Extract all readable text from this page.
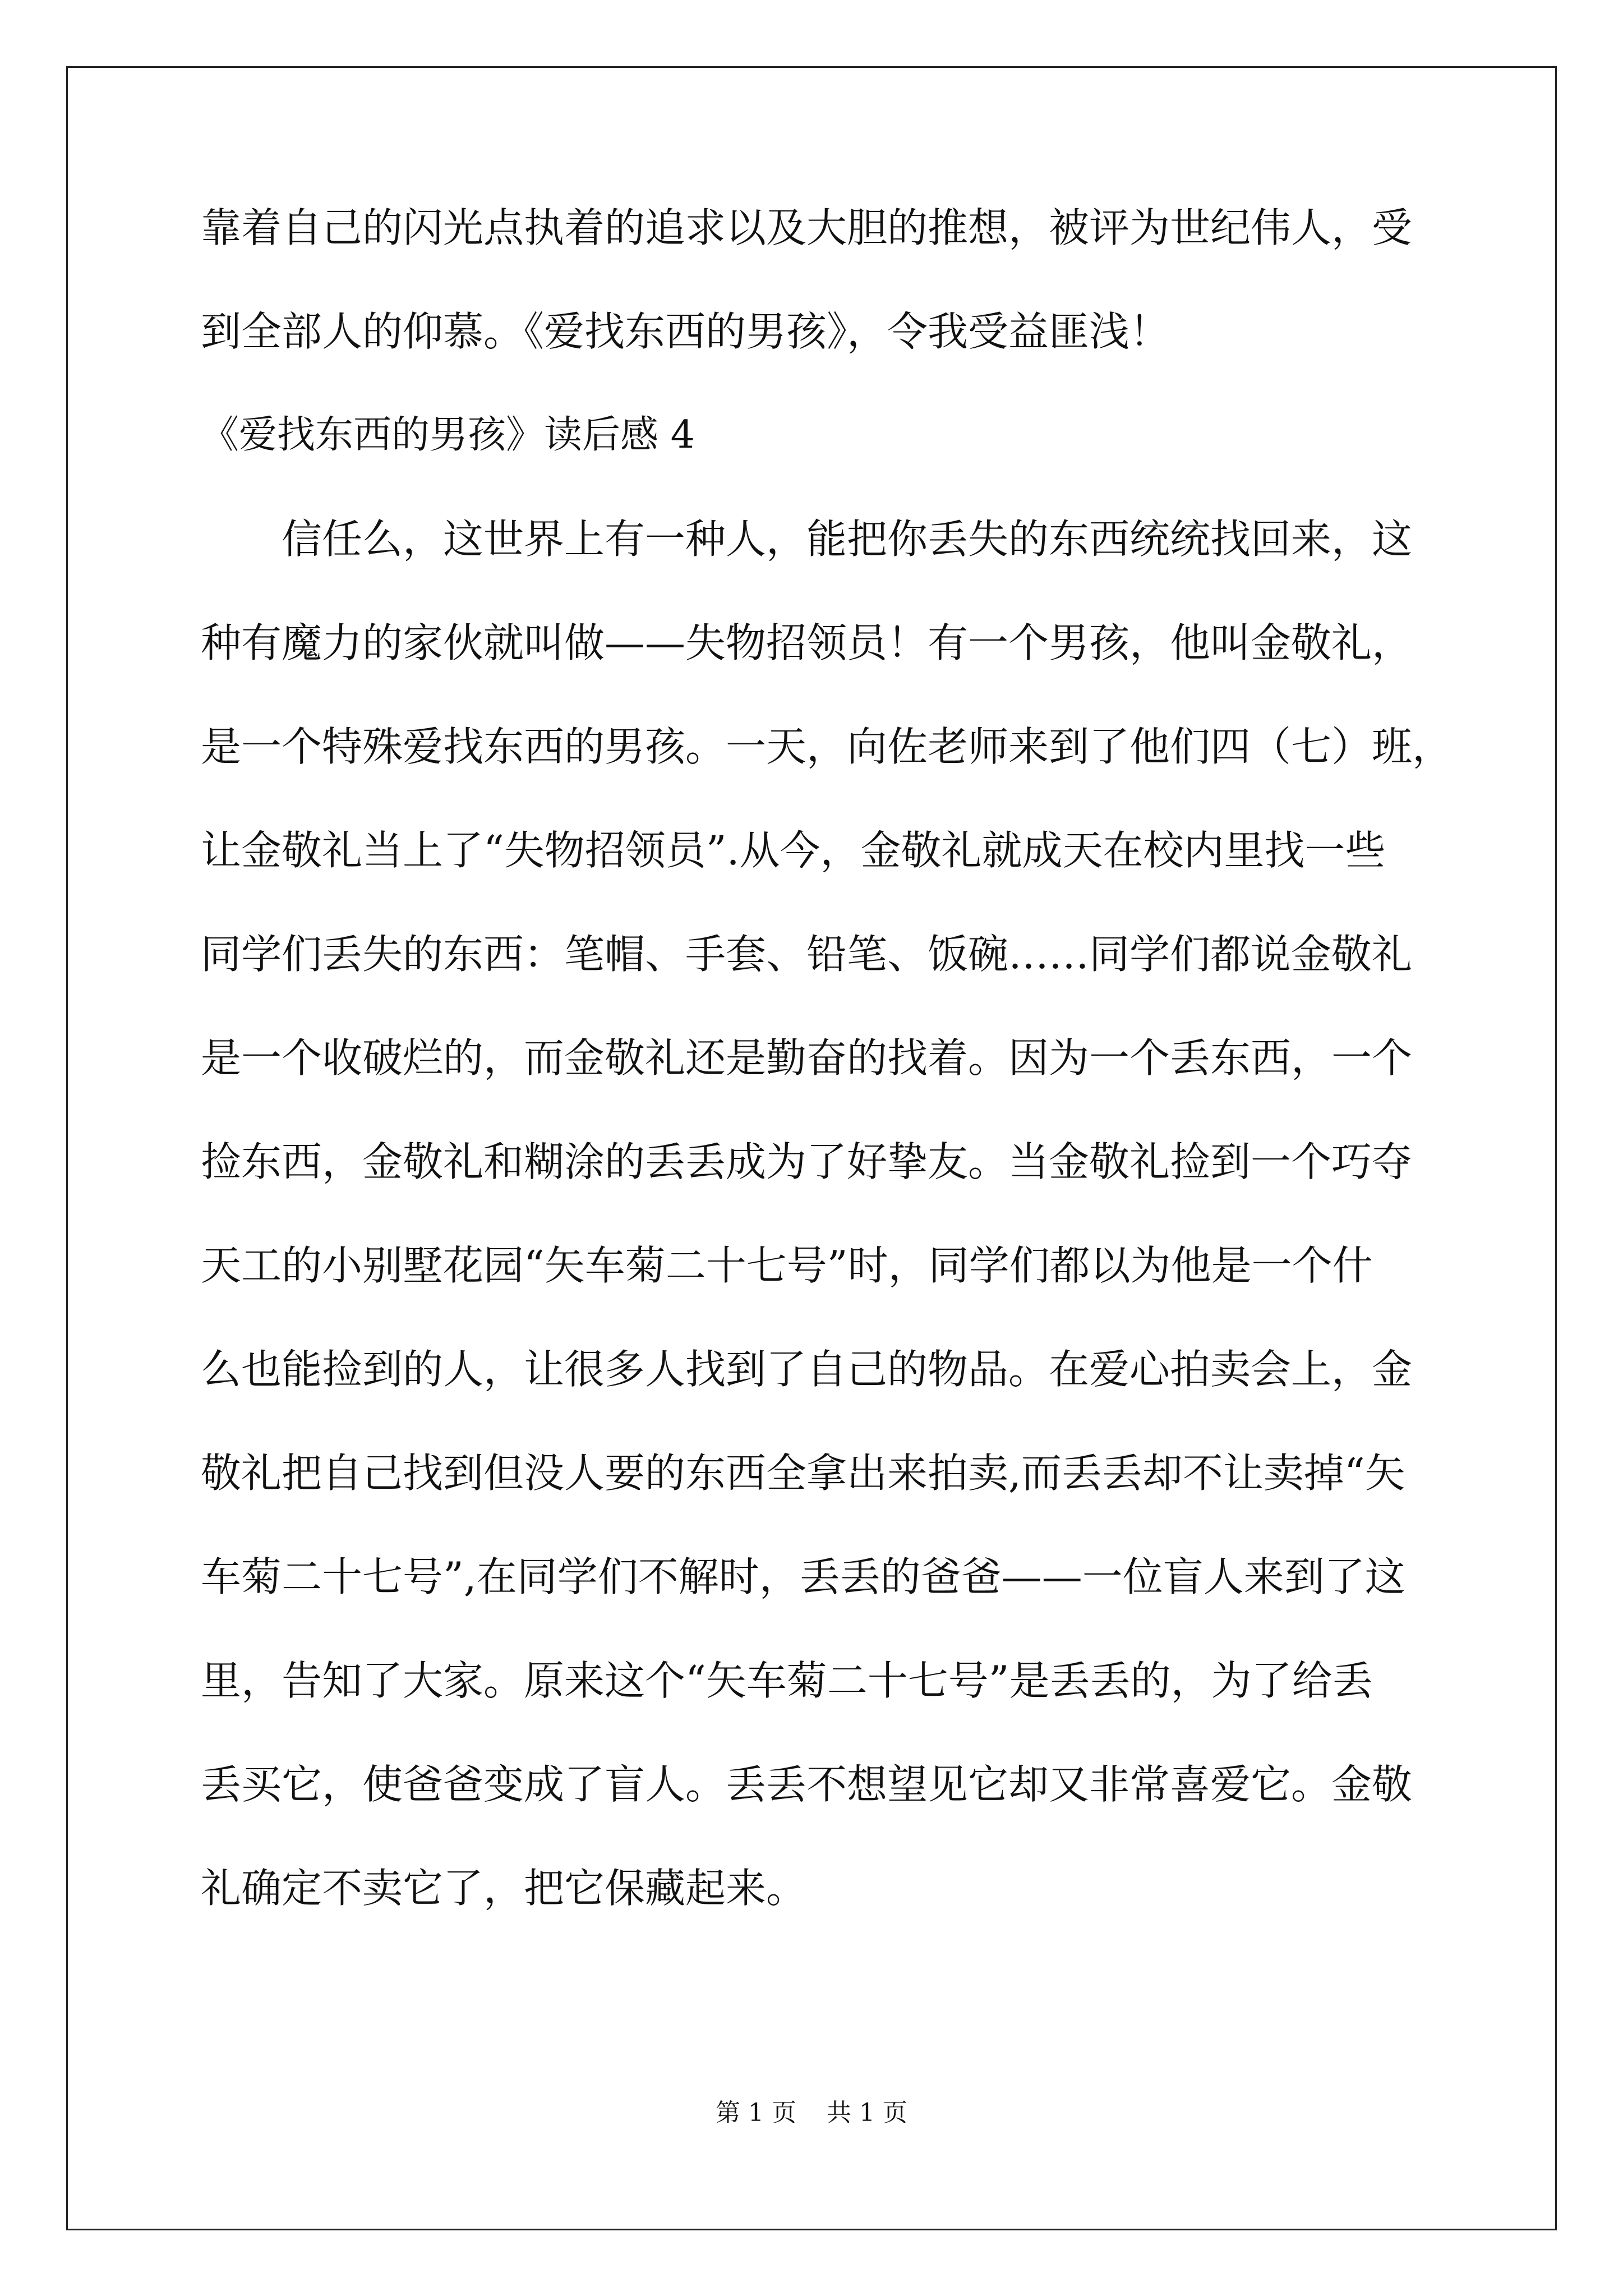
靠着自己的闪光点执着的追求以及大胆的推想，被评为世纪伟人，受
到全部人的仰慕。《爱找东西的男孩》，令我受益匪浅！
《爱找东西的男孩》读后感 4
信任么，这世界上有一种人，能把你丢失的东西统统找回来，这
种有魔力的家伙就叫做——失物招领员！有一个男孩，他叫金敬礼，
是一个特殊爱找东西的男孩。一天，向佐老师来到了他们四（七）班，
让金敬礼当上了“失物招领员”.从今，金敬礼就成天在校内里找一些
同学们丢失的东西：笔帽、手套、铅笔、饭碗……同学们都说金敬礼
是一个收破烂的，而金敬礼还是勤奋的找着。因为一个丢东西，一个
捡东西，金敬礼和糊涂的丢丢成为了好挚友。当金敬礼捡到一个巧夺
天工的小别墅花园“矢车菊二十七号”时，同学们都以为他是一个什
么也能捡到的人，让很多人找到了自己的物品。在爱心拍卖会上，金
敬礼把自己找到但没人要的东西全拿出来拍卖,而丢丢却不让卖掉“矢
车菊二十七号”,在同学们不解时，丢丢的爸爸——一位盲人来到了这
里，告知了大家。原来这个“矢车菊二十七号”是丢丢的，为了给丢
丢买它，使爸爸变成了盲人。丢丢不想望见它却又非常喜爱它。金敬
礼确定不卖它了，把它保藏起来。
第 1 页 共 1 页
